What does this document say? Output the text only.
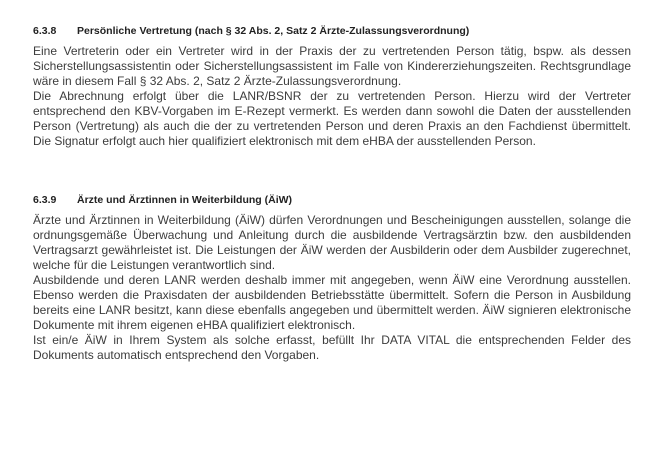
6.3.8	Persönliche Vertretung (nach § 32 Abs. 2, Satz 2 Ärzte-Zulassungsverordnung)

Eine Vertreterin oder ein Vertreter wird in der Praxis der zu vertretenden Person tätig, bspw. als dessen Sicherstellungsassistentin oder Sicherstellungsassistent im Falle von Kindererziehungszeiten. Rechtsgrundlage wäre in diesem Fall § 32 Abs. 2, Satz 2 Ärzte-Zulassungsverordnung.

Die Abrechnung erfolgt über die LANR/BSNR der zu vertretenden Person. Hierzu wird der Vertreter entsprechend den KBV-Vorgaben im E-Rezept vermerkt. Es werden dann sowohl die Daten der ausstellenden Person (Vertretung) als auch die der zu vertretenden Person und deren Praxis an den Fachdienst übermittelt. Die Signatur erfolgt auch hier qualifiziert elektronisch mit dem eHBA der ausstellenden Person.

6.3.9	Ärzte und Ärztinnen in Weiterbildung (ÄiW)

Ärzte und Ärztinnen in Weiterbildung (ÄiW) dürfen Verordnungen und Bescheinigungen ausstellen, solange die ordnungsgemäße Überwachung und Anleitung durch die ausbildende Vertragsärztin bzw. den ausbildenden Vertragsarzt gewährleistet ist. Die Leistungen der ÄiW werden der Ausbilderin oder dem Ausbilder zugerechnet, welche für die Leistungen verantwortlich sind.

Ausbildende und deren LANR werden deshalb immer mit angegeben, wenn ÄiW eine Verordnung ausstellen. Ebenso werden die Praxisdaten der ausbildenden Betriebsstätte übermittelt. Sofern die Person in Ausbildung bereits eine LANR besitzt, kann diese ebenfalls angegeben und übermittelt werden. ÄiW signieren elektronische Dokumente mit ihrem eigenen eHBA qualifiziert elektronisch.

Ist ein/e ÄiW in Ihrem System als solche erfasst, befüllt Ihr DATA VITAL die entsprechenden Felder des Dokuments automatisch entsprechend den Vorgaben.
